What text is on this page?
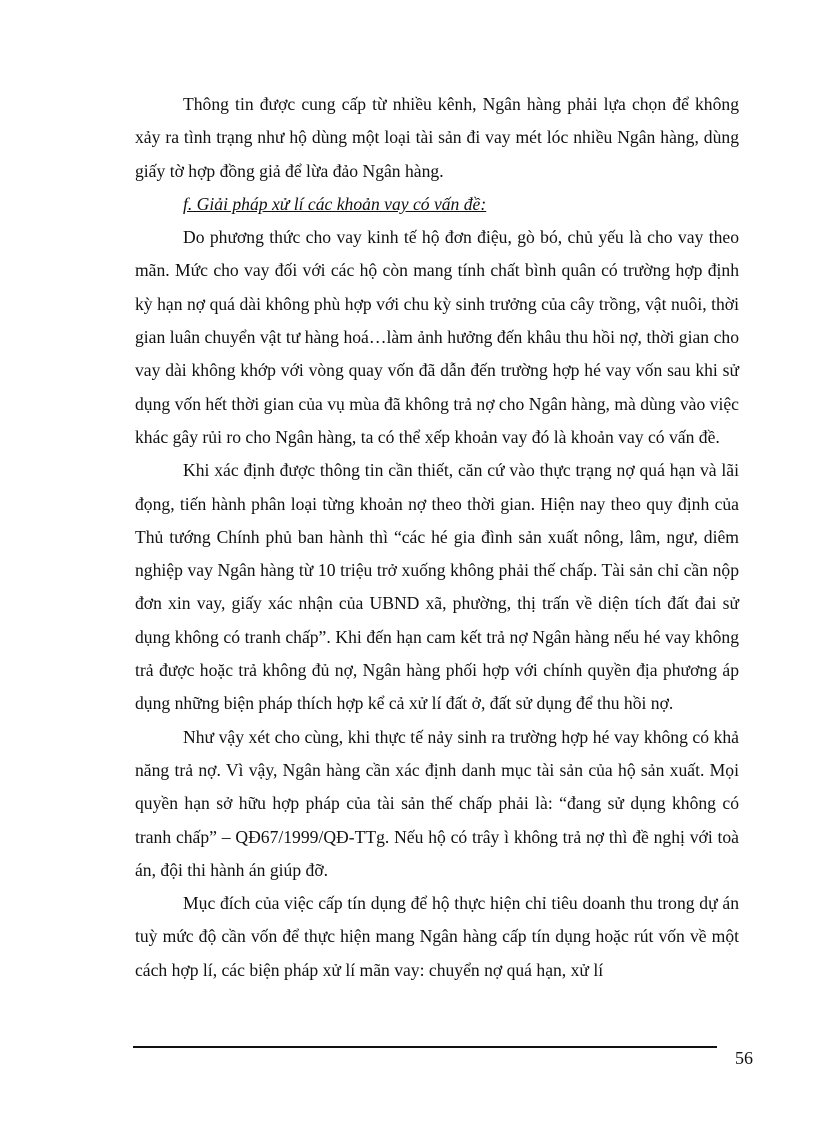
Thông tin được cung cấp từ nhiều kênh, Ngân hàng phải lựa chọn để không xảy ra tình trạng như hộ dùng một loại tài sản đi vay mét lóc nhiều Ngân hàng, dùng giấy tờ hợp đồng giả để lừa đảo Ngân hàng.

f. Giải pháp xử lí các khoản vay có vấn đề:

Do phương thức cho vay kinh tế hộ đơn điệu, gò bó, chủ yếu là cho vay theo mãn. Mức cho vay đối với các hộ còn mang tính chất bình quân có trường hợp định kỳ hạn nợ quá dài không phù hợp với chu kỳ sinh trưởng của cây trồng, vật nuôi, thời gian luân chuyển vật tư hàng hoá…làm ảnh hưởng đến khâu thu hồi nợ, thời gian cho vay dài không khớp với vòng quay vốn đã dẫn đến trường hợp hé vay vốn sau khi sử dụng vốn hết thời gian của vụ mùa đã không trả nợ cho Ngân hàng, mà dùng vào việc khác gây rủi ro cho Ngân hàng, ta có thể xếp khoản vay đó là khoản vay có vấn đề.

Khi xác định được thông tin cần thiết, căn cứ vào thực trạng nợ quá hạn và lãi đọng, tiến hành phân loại từng khoản nợ theo thời gian. Hiện nay theo quy định của Thủ tướng Chính phủ ban hành thì “các hé gia đình sản xuất nông, lâm, ngư, diêm nghiệp vay Ngân hàng từ 10 triệu trở xuống không phải thế chấp. Tài sản chỉ cần nộp đơn xin vay, giấy xác nhận của UBND xã, phường, thị trấn về diện tích đất đai sử dụng không có tranh chấp”. Khi đến hạn cam kết trả nợ Ngân hàng nếu hé vay không trả được hoặc trả không đủ nợ, Ngân hàng phối hợp với chính quyền địa phương áp dụng những biện pháp thích hợp kể cả xử lí đất ở, đất sử dụng để thu hồi nợ.

Như vậy xét cho cùng, khi thực tế nảy sinh ra trường hợp hé vay không có khả năng trả nợ. Vì vậy, Ngân hàng cần xác định danh mục tài sản của hộ sản xuất. Mọi quyền hạn sở hữu hợp pháp của tài sản thế chấp phải là: “đang sử dụng không có tranh chấp” – QĐ67/1999/QĐ-TTg. Nếu hộ có trây ì không trả nợ thì đề nghị với toà án, đội thi hành án giúp đỡ.

Mục đích của việc cấp tín dụng để hộ thực hiện chỉ tiêu doanh thu trong dự án tuỳ mức độ cần vốn để thực hiện mang Ngân hàng cấp tín dụng hoặc rút vốn về một cách hợp lí, các biện pháp xử lí mãn vay: chuyển nợ quá hạn, xử lí

56
